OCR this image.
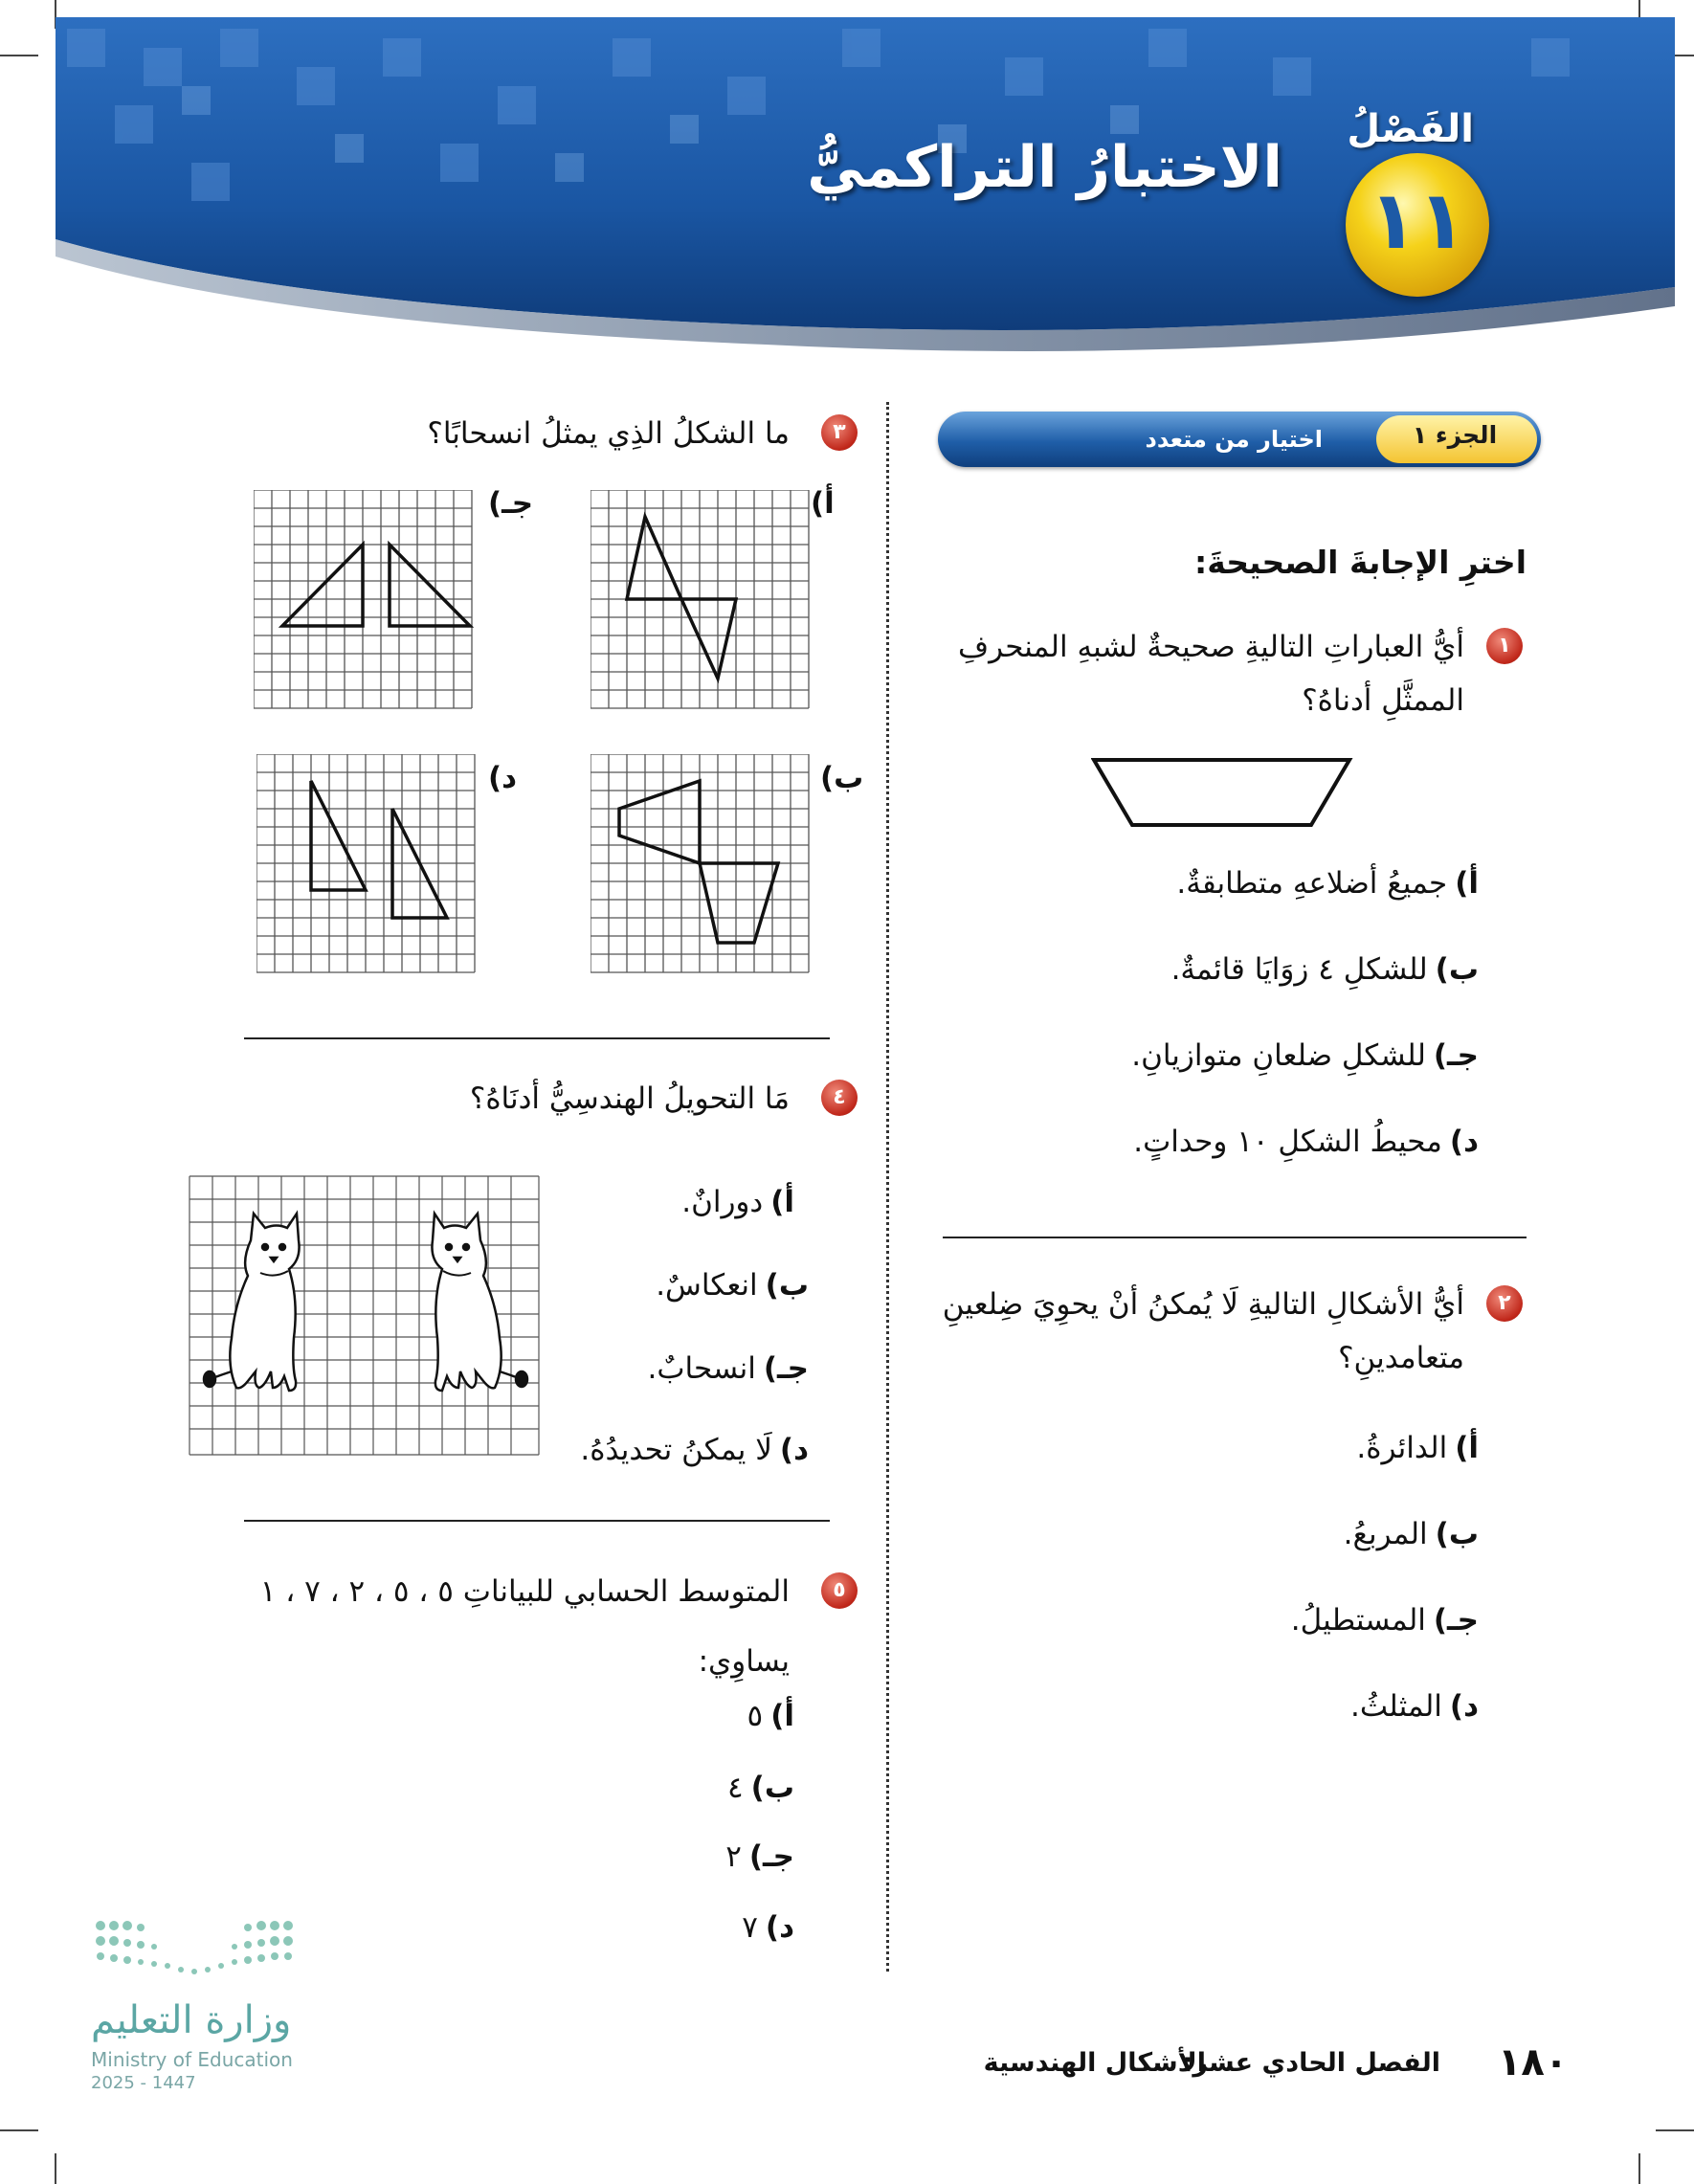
الفَصْلُ
١١
الاختبارُ التراكميُّ
الجزء ١
اختيار من متعدد
اخترِ الإجابةَ الصحيحةَ:
١
أيُّ العباراتِ التاليةِ صحيحةٌ لشبهِ المنحرفِ الممثَّلِ أدناهُ؟
أ)جميعُ أضلاعهِ متطابقةٌ.
ب)للشكلِ ٤ زوَايَا قائمةٌ.
جـ)للشكلِ ضلعانِ متوازيانِ.
د)محيطُ الشكلِ ١٠ وحداتٍ.
٢
أيُّ الأشكالِ التاليةِ لَا يُمكنُ أنْ يحوِيَ ضِلعينِ متعامدينِ؟
أ)الدائرةُ.
ب)المربعُ.
جـ)المستطيلُ.
د)المثلثُ.
٣
ما الشكلُ الذِي يمثلُ انسحابًا؟
أ)
جـ)
ب)
د)
٤
مَا التحويلُ الهندسِيُّ أدنَاهُ؟
أ)دورانٌ.
ب)انعكاسٌ.
جـ)انسحابٌ.
د)لَا يمكنُ تحديدُهُ.
٥
المتوسط الحسابي للبياناتِ ٥ ، ٥ ، ٢ ، ٧ ، ١
يساوِي:
أ)٥
ب)٤
جـ)٢
د)٧
وزارة التعليم
Ministry of Education
2025 - 1447	١٨٠
الفصل الحادي عشر:
الأشكال الهندسية
